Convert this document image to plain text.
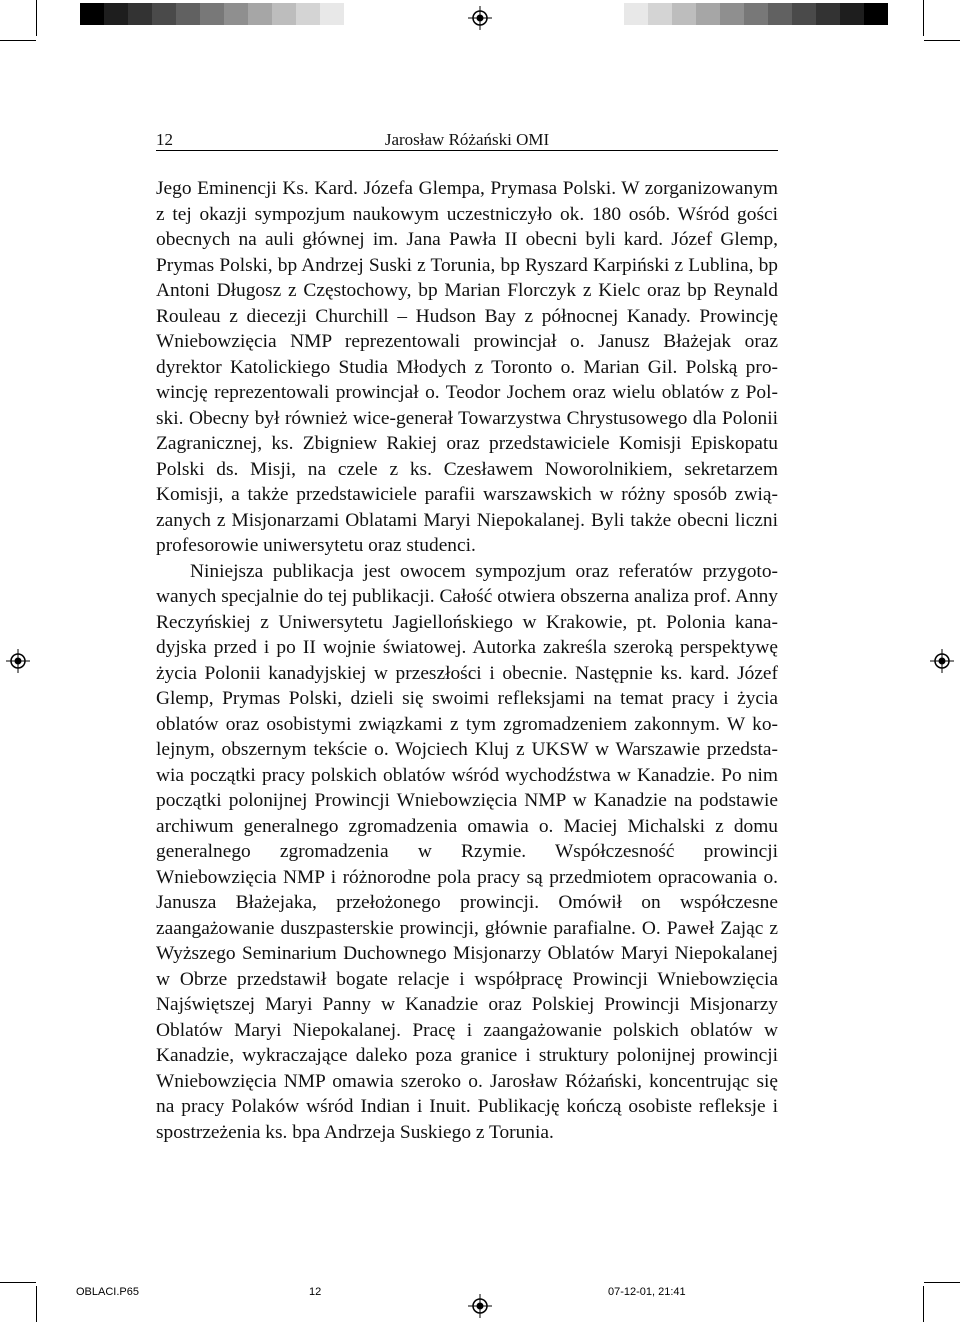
12	Jarosław Różański OMI

Jego Eminencji Ks. Kard. Józefa Glempa, Prymasa Polski. W zorganizowanym z tej okazji sympozjum naukowym uczestniczyło ok. 180 osób. Wśród gości obecnych na auli głównej im. Jana Pawła II obecni byli kard. Józef Glemp, Prymas Polski, bp Andrzej Suski z Torunia, bp Ryszard Karpiński z Lublina, bp Antoni Długosz z Częstochowy, bp Marian Florczyk z Kielc oraz bp Reynald Rouleau z diecezji Churchill – Hudson Bay z północnej Kanady. Prowincję Wniebowzięcia NMP reprezentowali prowincjał o. Janusz Błażejak oraz dyrektor Katolickiego Studia Młodych z Toronto o. Marian Gil. Polską prowincję reprezentowali prowincjał o. Teodor Jochem oraz wielu oblatów z Polski. Obecny był również wice-generał Towarzystwa Chrystusowego dla Polonii Zagranicznej, ks. Zbigniew Rakiej oraz przedstawiciele Komisji Episkopatu Polski ds. Misji, na czele z ks. Czesławem Noworolnikiem, sekretarzem Komisji, a także przedstawiciele parafii warszawskich w różny sposób związanych z Misjonarzami Oblatami Maryi Niepokalanej. Byli także obecni liczni profesorowie uniwersytetu oraz studenci.

Niniejsza publikacja jest owocem sympozjum oraz referatów przygotowanych specjalnie do tej publikacji. Całość otwiera obszerna analiza prof. Anny Reczyńskiej z Uniwersytetu Jagiellońskiego w Krakowie, pt. Polonia kanadyjska przed i po II wojnie światowej. Autorka zakreśla szeroką perspektywę życia Polonii kanadyjskiej w przeszłości i obecnie. Następnie ks. kard. Józef Glemp, Prymas Polski, dzieli się swoimi refleksjami na temat pracy i życia oblatów oraz osobistymi związkami z tym zgromadzeniem zakonnym. W kolejnym, obszernym tekście o. Wojciech Kluj z UKSW w Warszawie przedstawia początki pracy polskich oblatów wśród wychodźstwa w Kanadzie. Po nim początki polonijnej Prowincji Wniebowzięcia NMP w Kanadzie na podstawie archiwum generalnego zgromadzenia omawia o. Maciej Michalski z domu generalnego zgromadzenia w Rzymie. Współczesność prowincji Wniebowzięcia NMP i różnorodne pola pracy są przedmiotem opracowania o. Janusza Błażejaka, przełożonego prowincji. Omówił on współczesne zaangażowanie duszpasterskie prowincji, głównie parafialne. O. Paweł Zając z Wyższego Seminarium Duchownego Misjonarzy Oblatów Maryi Niepokalanej w Obrze przedstawił bogate relacje i współpracę Prowincji Wniebowzięcia Najświętszej Maryi Panny w Kanadzie oraz Polskiej Prowincji Misjonarzy Oblatów Maryi Niepokalanej. Pracę i zaangażowanie polskich oblatów w Kanadzie, wykraczające daleko poza granice i struktury polonijnej prowincji Wniebowzięcia NMP omawia szeroko o. Jarosław Różański, koncentrując się na pracy Polaków wśród Indian i Inuit. Publikację kończą osobiste refleksje i spostrzeżenia ks. bpa Andrzeja Suskiego z Torunia.

OBLACI.P65	12	07-12-01, 21:41
